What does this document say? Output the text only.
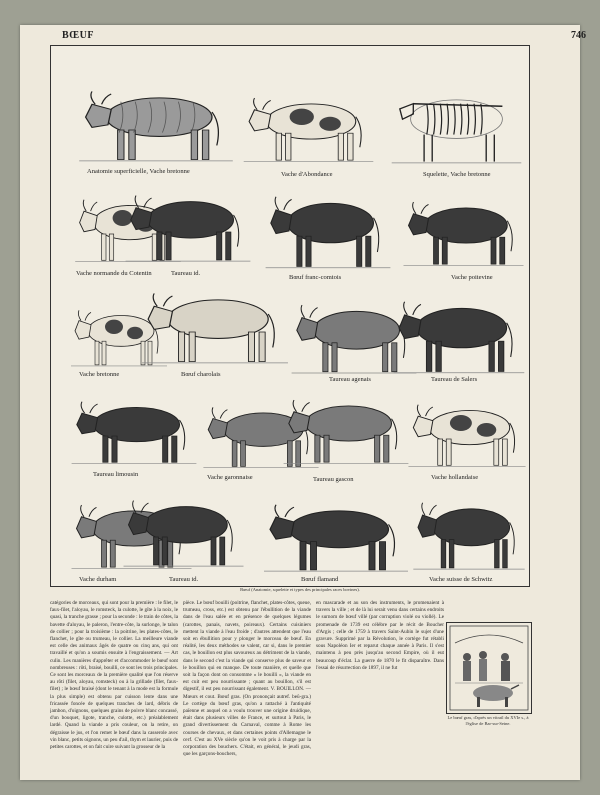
BŒUF	746
Anatomie superficielle, Vache bretonne	Vache d'Abondance	Squelette, Vache bretonne
Vache normande du Cotentin	Taureau id.
Bœuf franc-comtois	Vache poitevine
Vache bretonne	Bœuf charolais
Taureau agenais	Taureau de Salers
Taureau limousin	Vache garonnaise	Taureau gascon	Vache hollandaise
Vache durham	Taureau id.	Bœuf flamand	Vache suisse de Schwitz
Bœuf (Anatomie, squelette et types des principales races bovines).
catégories de morceaux, qui sont pour la première : le filet, le faux-filet, l'aloyau, le romsteck, la culotte, le gîte à la noix, le quasi, la tranche grasse ; pour la seconde : le train de côtes, la bavette d'aloyau, le paleron, l'entre-côte, la surlonge, le talon de collier ; pour la troisième : la poitrine, les plates-côtes, le flanchet, le gîte ou trumeau, le collier. La meilleure viande est celle des animaux âgés de quatre ou cinq ans, qui ont travaillé et qu'on a soumis ensuite à l'engraissement. — Art culin. Les manières d'apprêter et d'accommoder le bœuf sont nombreuses : rôti, braisé, bouilli, ce sont les trois principales. Ce sont les morceaux de la première qualité que l'on réserve au rôti (filet, aloyau, romsteck) ou à la grillade (filet, faux-filet) ; le bœuf braisé (dont le tenant à la mode est la formule la plus simple) est obtenu par cuisson lente dans une fricassée foncée de quelques tranches de lard, débris de jambon, d'oignons, quelques grains de poivre blanc concassé, d'un bouquet, ligote, tranche, culotte, etc.) préalablement lardé. Quand la viande a pris couleur, on la retire, on dégraisse le jus, et l'on remet le bœuf dans la casserole avec vin blanc, petits oignons, un peu d'ail, thym et laurier, puis de petites carottes, et on fait cuire suivant la grosseur de la
pièce. Le bœuf bouilli (poitrine, flanchet, plates-côtes, queue, trumeau, cross, etc.) est obtenu par l'ébullition de la viande dans de l'eau salée et en présence de quelques légumes (carottes, panais, navets, poireaux). Certains cuisiniers mettent la viande à l'eau froide ; d'autres attendent que l'eau soit en ébullition pour y plonger le morceau de bœuf. En réalité, les deux méthodes se valent, car si, dans le premier cas, le bouillon est plus savoureux au détriment de la viande, dans le second c'est la viande qui conserve plus de saveur et le bouillon qui en manque. De toute manière, et quelle que soit la façon dont on consomme « le bouilli », la viande en est cuit est peu nourrissante ; quant au bouillon, s'il est digestif, il est peu nourrissant également. V. BOUILLON. — Mœurs et cout. Bœuf gras. (On prononçait autref. beû-gra.) Le cortège du bœuf gras, qu'on a rattaché à l'antiquité païenne et auquel on a voulu trouver une origine druidique, était dans plusieurs villes de France, et surtout à Paris, le grand divertissement du Carnaval, comme à Rome les courses de chevaux, et dans certaines points d'Allemagne le cerf. C'est au XVe siècle qu'on le voit pris à charge par la corporation des bouchers. C'était, en général, le jeudi gras, que les garçons-bouchers,
en mascarade et au son des instruments, le promenaient à travers la ville ; et de là lui serait venu dans certains endroits le surnom de bœuf villé (par corruption violé ou viollé). Le promenade de 1739 est célèbre par le récit de Boucher d'Argis ; celle de 1759 à travers Saint-Aubin le sujet d'une gravure. Supprimé par la Révolution, le cortège fut rétabli sous Napoléon Ier et reparut chaque année à Paris. Il s'est maintenu à peu près jusqu'au second Empire, où il eut beaucoup d'éclat. La guerre de 1870 le fit disparaître. Dans l'essai de résurrection de 1897, il ne fut
Le bœuf gras, d'après un vitrail du XVIe s., à l'église de Bar-sur-Seine.
